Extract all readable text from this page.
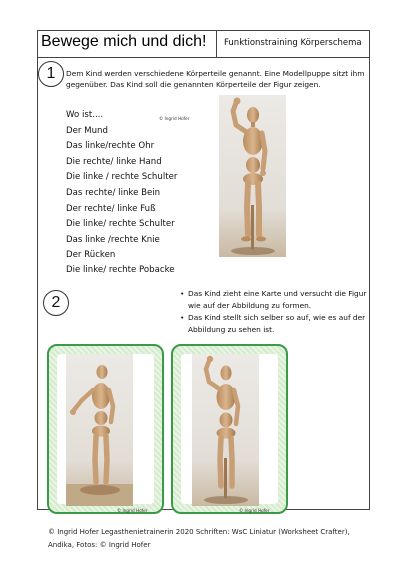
Bewege mich und dich! Funktionstraining Körperschema
1	Dem Kind werden verschiedene Körperteile genannt. Eine Modellpuppe sitzt ihm gegenüber. Das Kind soll die genannten Körperteile der Figur zeigen.
Wo ist....
Der Mund
Das linke/rechte Ohr
Die rechte/ linke Hand
Die linke / rechte Schulter
Das rechte/ linke Bein
Der rechte/ linke Fuß
Die linke/ rechte Schulter
Das linke /rechte Knie
Der Rücken
Die linke/ rechte Pobacke
© Ingrid Hofer
2
• Das Kind zieht eine Karte und versucht die Figur wie auf der Abbildung zu formen.
• Das Kind stellt sich selber so auf, wie es auf der Abbildung zu sehen ist.
© Ingrid Hofer	© Ingrid Hofer
© Ingrid Hofer Legasthenietrainerin 2020 Schriften: WsC Liniatur (Worksheet Crafter),
Andika, Fotos: © Ingrid Hofer
